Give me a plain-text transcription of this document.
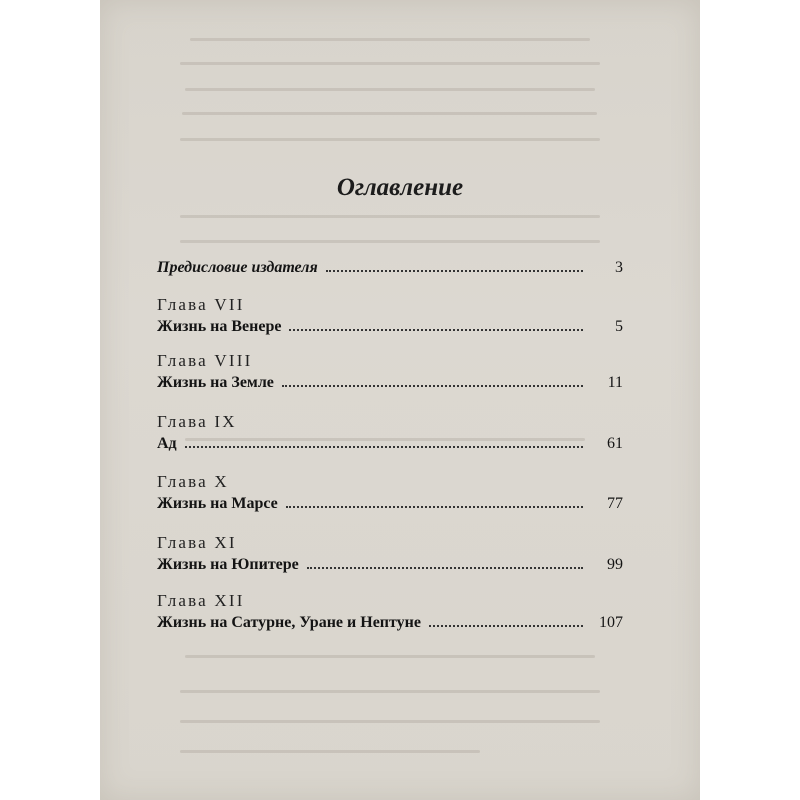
Оглавление
Предисловие издателя	3
Глава VII
Жизнь на Венере	5
Глава VIII
Жизнь на Земле	11
Глава IX
Ад	61
Глава X
Жизнь на Марсе	77
Глава XI
Жизнь на Юпитере	99
Глава XII
Жизнь на Сатурне, Уране и Нептуне	107
